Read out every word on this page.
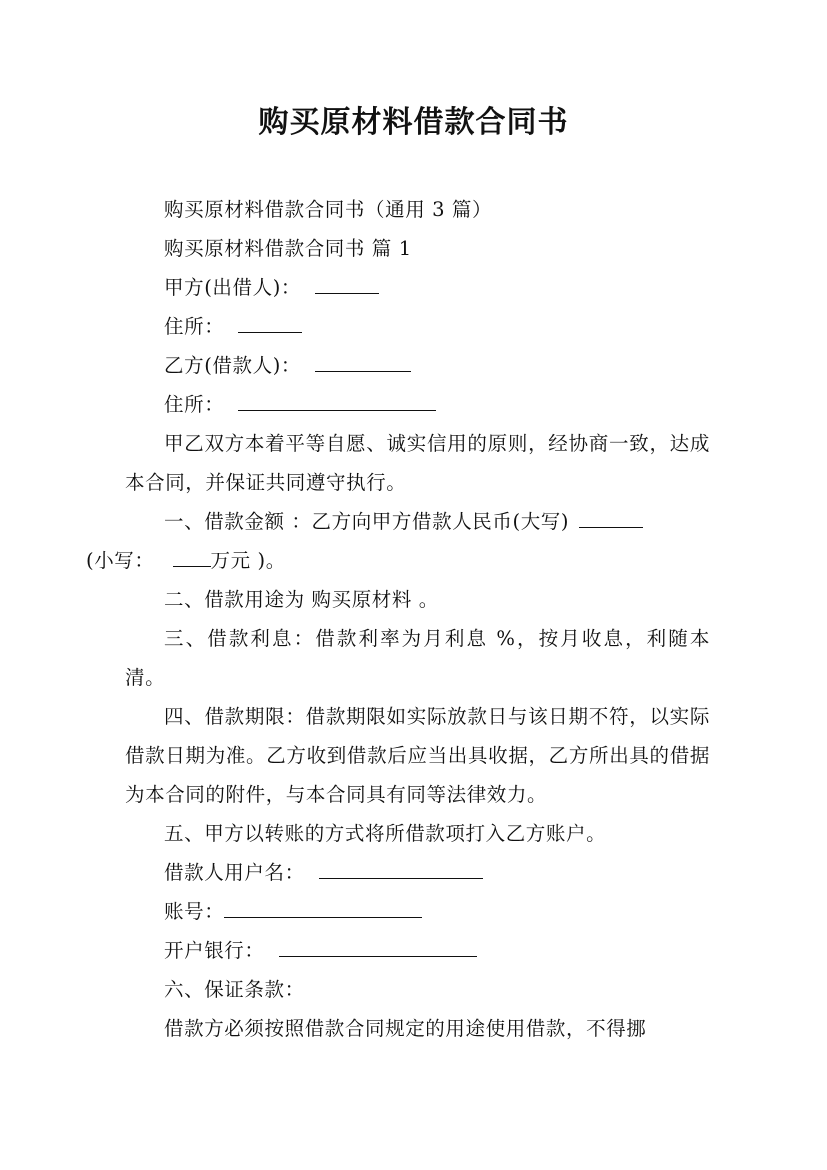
购买原材料借款合同书

购买原材料借款合同书（通用 3 篇）

购买原材料借款合同书 篇 1

甲方(出借人)：

住所：

乙方(借款人)：

住所：

甲乙双方本着平等自愿、诚实信用的原则，经协商一致，达成本合同，并保证共同遵守执行。

一、借款金额 ：乙方向甲方借款人民币(大写)
(小写：	万元 )。

二、借款用途为 购买原材料 。

三、借款利息：借款利率为月利息 %，按月收息，利随本清。

四、借款期限：借款期限如实际放款日与该日期不符，以实际借款日期为准。乙方收到借款后应当出具收据，乙方所出具的借据为本合同的附件，与本合同具有同等法律效力。

五、甲方以转账的方式将所借款项打入乙方账户。

借款人用户名：

账号：

开户银行：

六、保证条款：

借款方必须按照借款合同规定的用途使用借款，不得挪
